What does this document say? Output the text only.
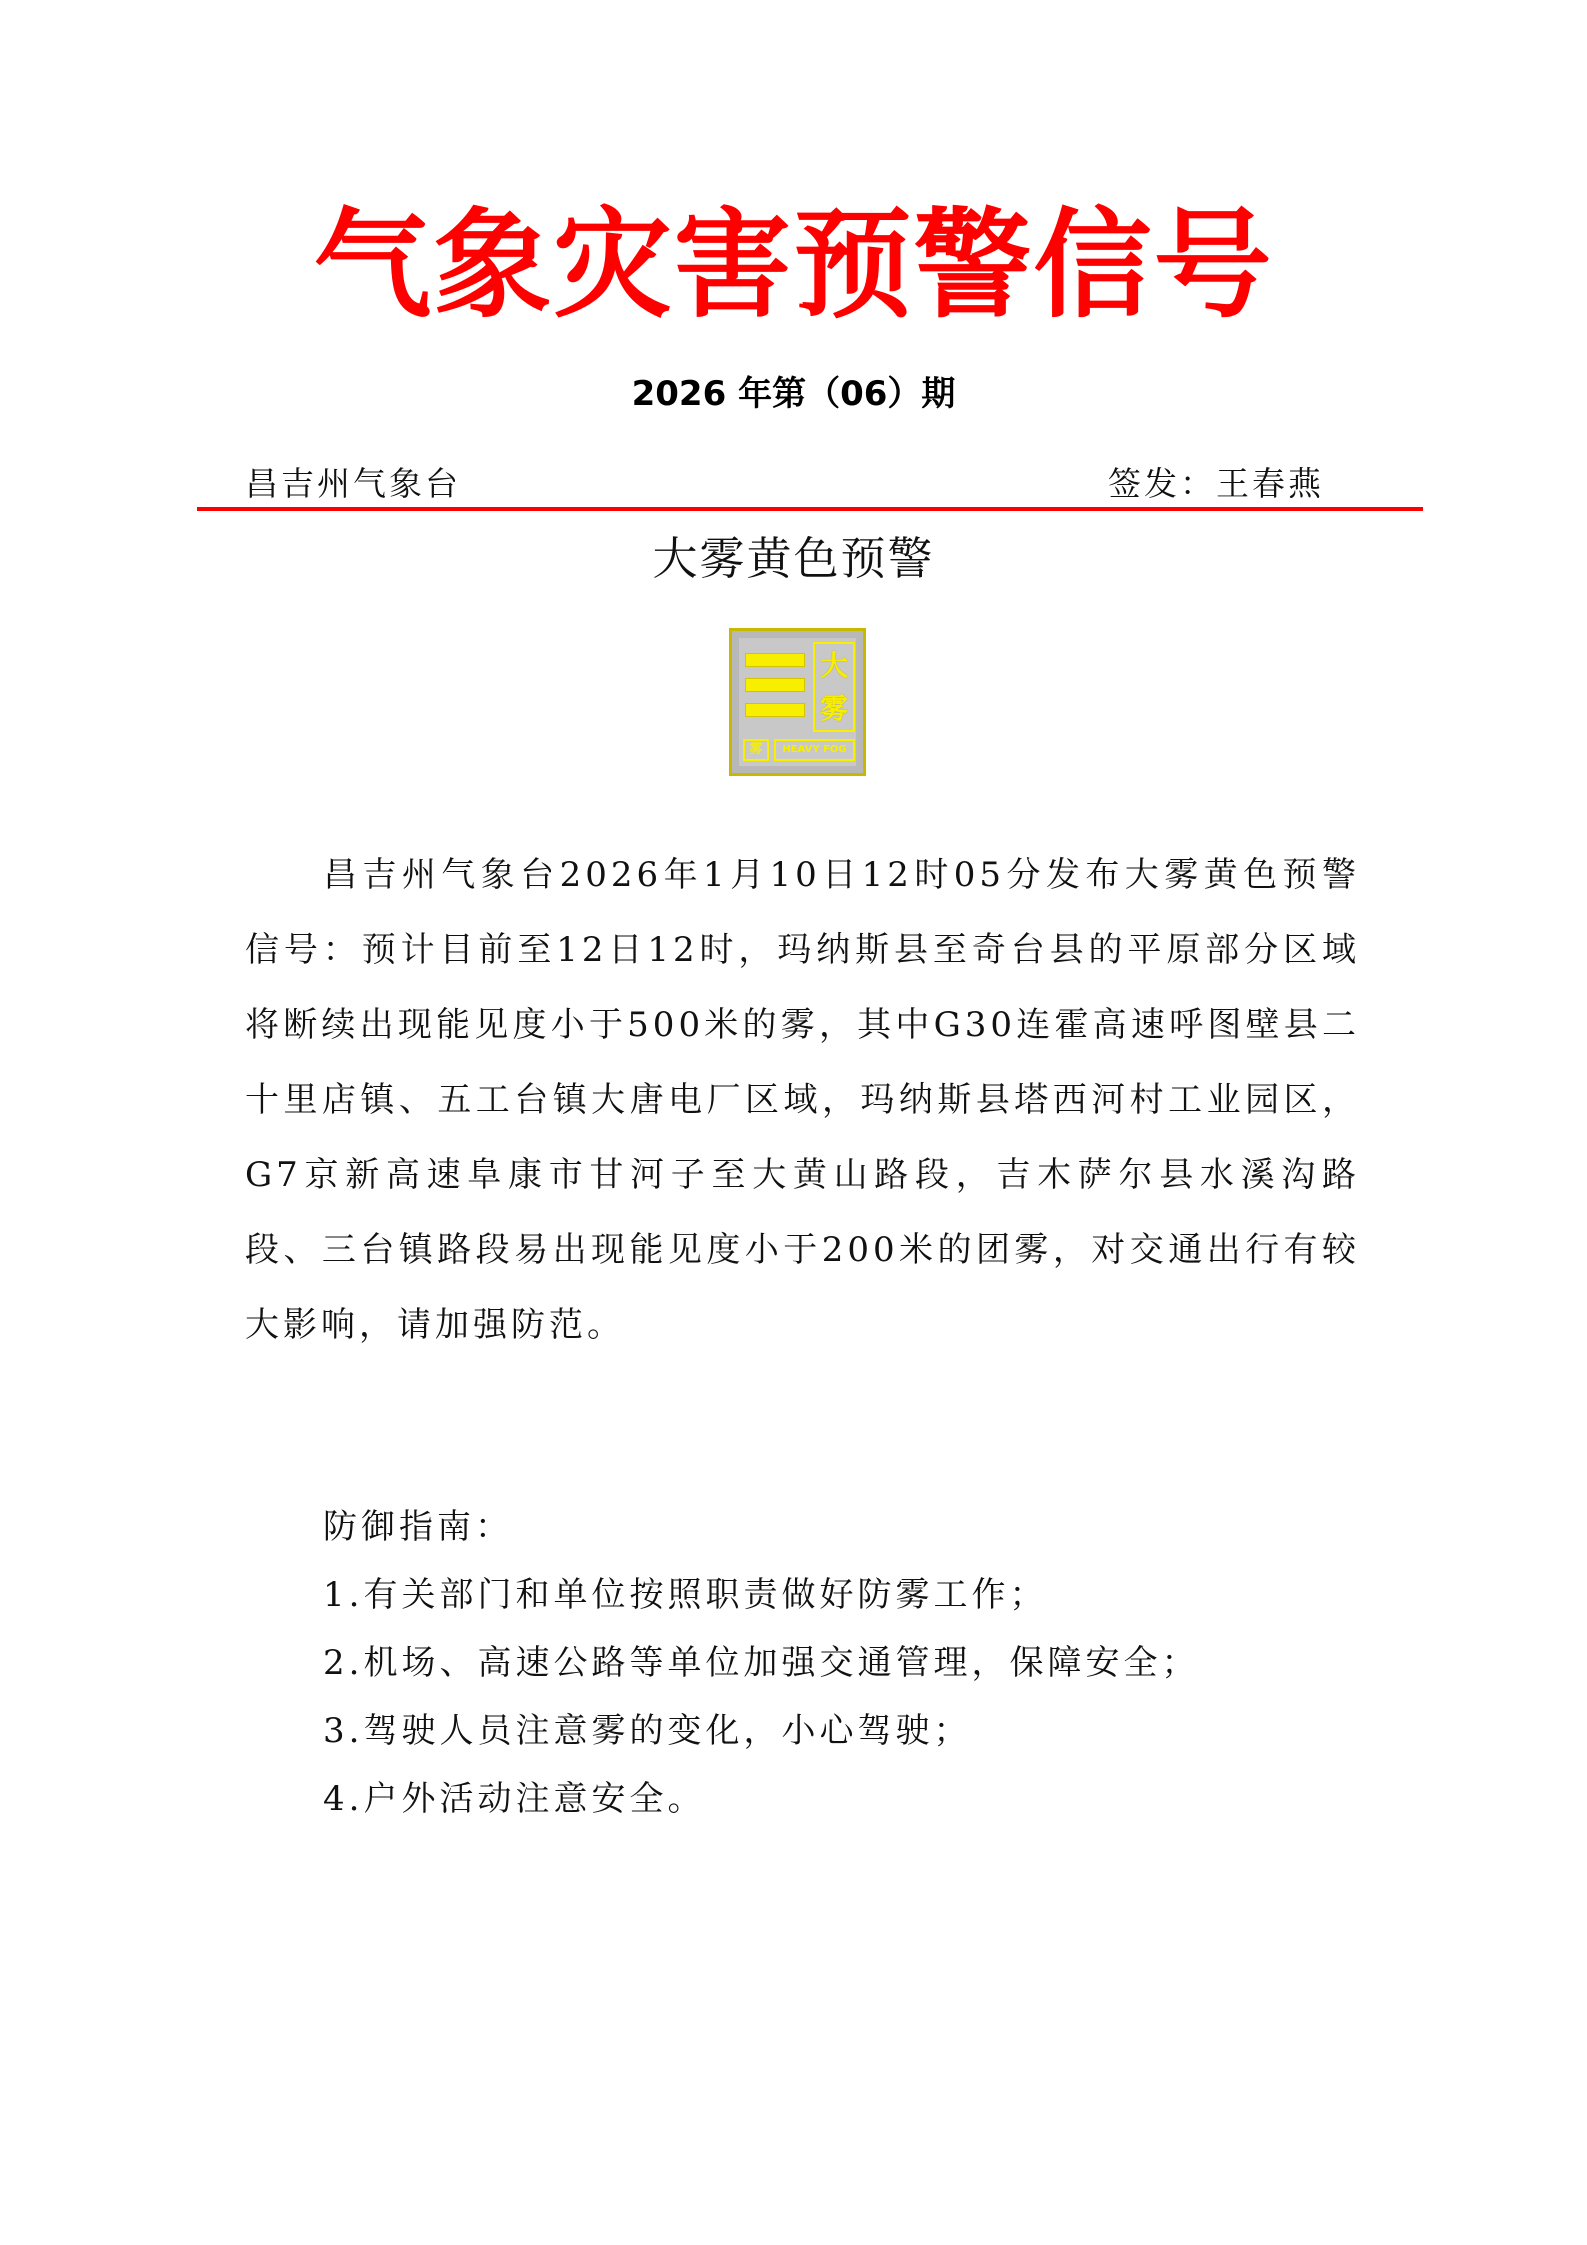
气象灾害预警信号
2026 年第（06）期
昌吉州气象台	签发：王春燕
大雾黄色预警
大
雾
雾	HEAVY FOG
昌吉州气象台2026年1月10日12时05分发布大雾黄色预警信号：预计目前至12日12时，玛纳斯县至奇台县的平原部分区域将断续出现能见度小于500米的雾，其中G30连霍高速呼图壁县二十里店镇、五工台镇大唐电厂区域，玛纳斯县塔西河村工业园区，G7京新高速阜康市甘河子至大黄山路段，吉木萨尔县水溪沟路段、三台镇路段易出现能见度小于200米的团雾，对交通出行有较大影响，请加强防范。
防御指南：
1.有关部门和单位按照职责做好防雾工作；
2.机场、高速公路等单位加强交通管理，保障安全；
3.驾驶人员注意雾的变化，小心驾驶；
4.户外活动注意安全。
